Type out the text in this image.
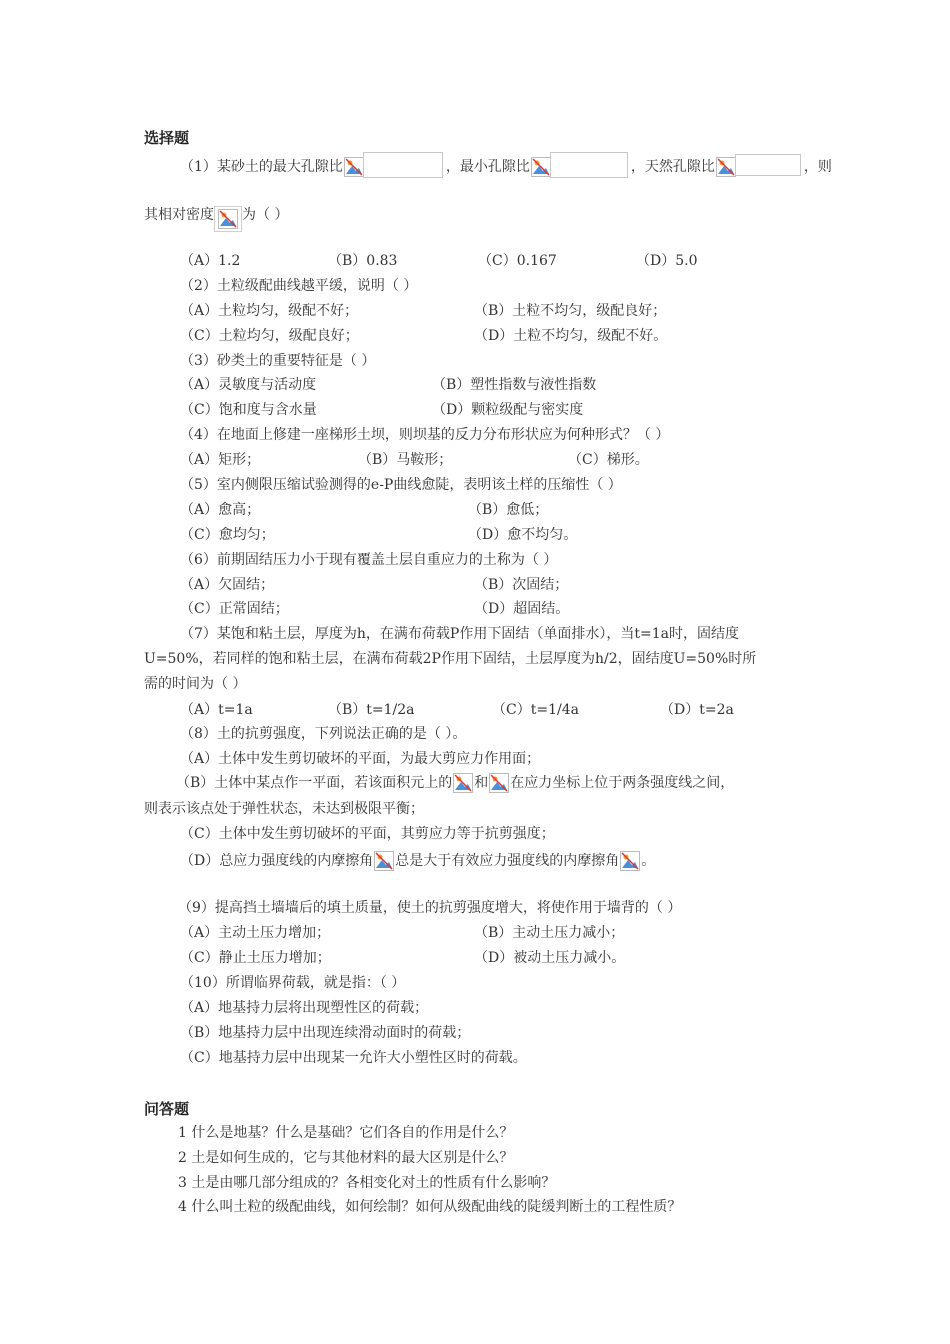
选择题
（1）某砂土的最大孔隙比	，最小孔隙比	，天然孔隙比	，则
其相对密度 为（ ）
（A）1.2	（B）0.83	（C）0.167	（D）5.0
（2）土粒级配曲线越平缓，说明（ ）
（A）土粒均匀，级配不好；	（B）土粒不均匀，级配良好；
（C）土粒均匀，级配良好；	（D）土粒不均匀，级配不好。
（3）砂类土的重要特征是（ ）
（A）灵敏度与活动度	（B）塑性指数与液性指数
（C）饱和度与含水量	（D）颗粒级配与密实度
（4）在地面上修建一座梯形土坝，则坝基的反力分布形状应为何种形式？（ ）
（A）矩形；	（B）马鞍形；	（C）梯形。
（5）室内侧限压缩试验测得的e-P曲线愈陡，表明该土样的压缩性（ ）
（A）愈高；	（B）愈低；
（C）愈均匀；	（D）愈不均匀。
（6）前期固结压力小于现有覆盖土层自重应力的土称为（ ）
（A）欠固结；	（B）次固结；
（C）正常固结；	（D）超固结。
（7）某饱和粘土层，厚度为h，在满布荷载P作用下固结（单面排水），当t=1a时，固结度
U=50%，若同样的饱和粘土层，在满布荷载2P作用下固结，土层厚度为h/2，固结度U=50%时所
需的时间为（ ）
（A）t=1a	（B）t=1/2a	（C）t=1/4a	（D）t=2a
（8）土的抗剪强度，下列说法正确的是（ ）。
（A）土体中发生剪切破坏的平面，为最大剪应力作用面；
（B）土体中某点作一平面，若该面积元上的 和 在应力坐标上位于两条强度线之间，
则表示该点处于弹性状态，未达到极限平衡；
（C）土体中发生剪切破坏的平面，其剪应力等于抗剪强度；
（D）总应力强度线的内摩擦角 总是大于有效应力强度线的内摩擦角 。
（9）提高挡土墙墙后的填土质量，使土的抗剪强度增大，将使作用于墙背的（ ）
（A）主动土压力增加；	（B）主动土压力减小；
（C）静止土压力增加；	（D）被动土压力减小。
（10）所谓临界荷载，就是指：（ ）
（A）地基持力层将出现塑性区的荷载；
（B）地基持力层中出现连续滑动面时的荷载；
（C）地基持力层中出现某一允许大小塑性区时的荷载。
问答题
1 什么是地基？什么是基础？它们各自的作用是什么？
2 土是如何生成的，它与其他材料的最大区别是什么？
3 土是由哪几部分组成的？各相变化对土的性质有什么影响？
4 什么叫土粒的级配曲线，如何绘制？如何从级配曲线的陡缓判断土的工程性质？
